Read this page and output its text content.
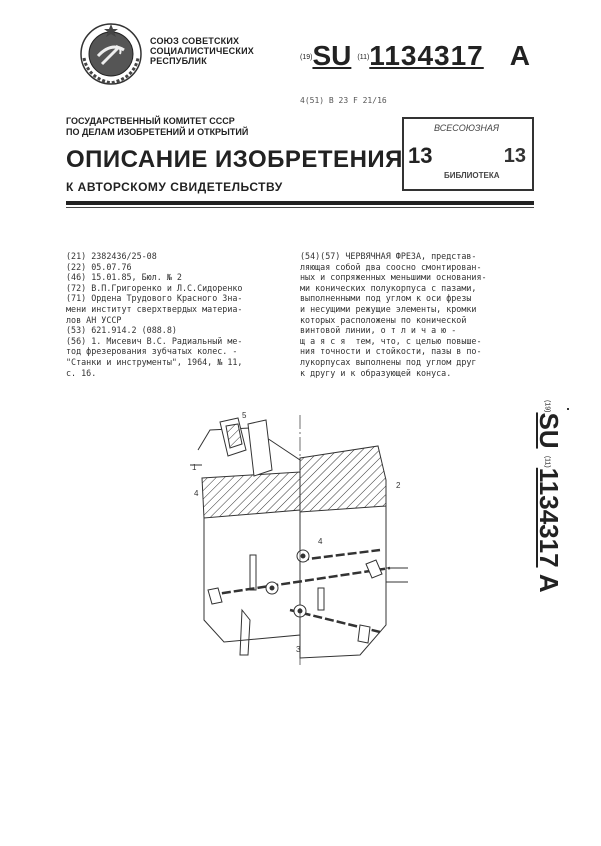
СОЮЗ СОВЕТСКИХ
СОЦИАЛИСТИЧЕСКИХ
РЕСПУБЛИК	(19)SU (11)1134317 A
4(51) В 23 F 21/16
ГОСУДАРСТВЕННЫЙ КОМИТЕТ СССР
ПО ДЕЛАМ ИЗОБРЕТЕНИЙ И ОТКРЫТИЙ	ВСЕСОЮЗНАЯ
13	13
БИБЛИОТЕКА
ОПИСАНИЕ ИЗОБРЕТЕНИЯ
К АВТОРСКОМУ СВИДЕТЕЛЬСТВУ
(21) 2382436/25-08
(22) 05.07.76
(46) 15.01.85, Бюл. № 2
(72) В.П.Григоренко и Л.С.Сидоренко
(71) Ордена Трудового Красного Зна-
мени институт сверхтвердых материа-
лов АН УССР
(53) 621.914.2 (088.8)
(56) 1. Мисевич В.С. Радиальный ме-
тод фрезерования зубчатых колес. -
"Станки и инструменты", 1964, № 11,
с. 16.
(54)(57) ЧЕРВЯЧНАЯ ФРЕЗА, представ-
ляющая собой два соосно смонтирован-
ных и сопряженных меньшими основания-
ми конических полукорпуса с пазами,
выполненными под углом к оси фрезы
и несущими режущие элементы, кромки
которых расположены по конической
винтовой линии, о т л и ч а ю -
щ а я с я  тем, что, с целью повыше-
ния точности и стойкости, пазы в по-
лукорпусах выполнены под углом друг
к другу и к образующей конуса.
(19)SU (11)1134317 A
1
2
3
4
4
5
